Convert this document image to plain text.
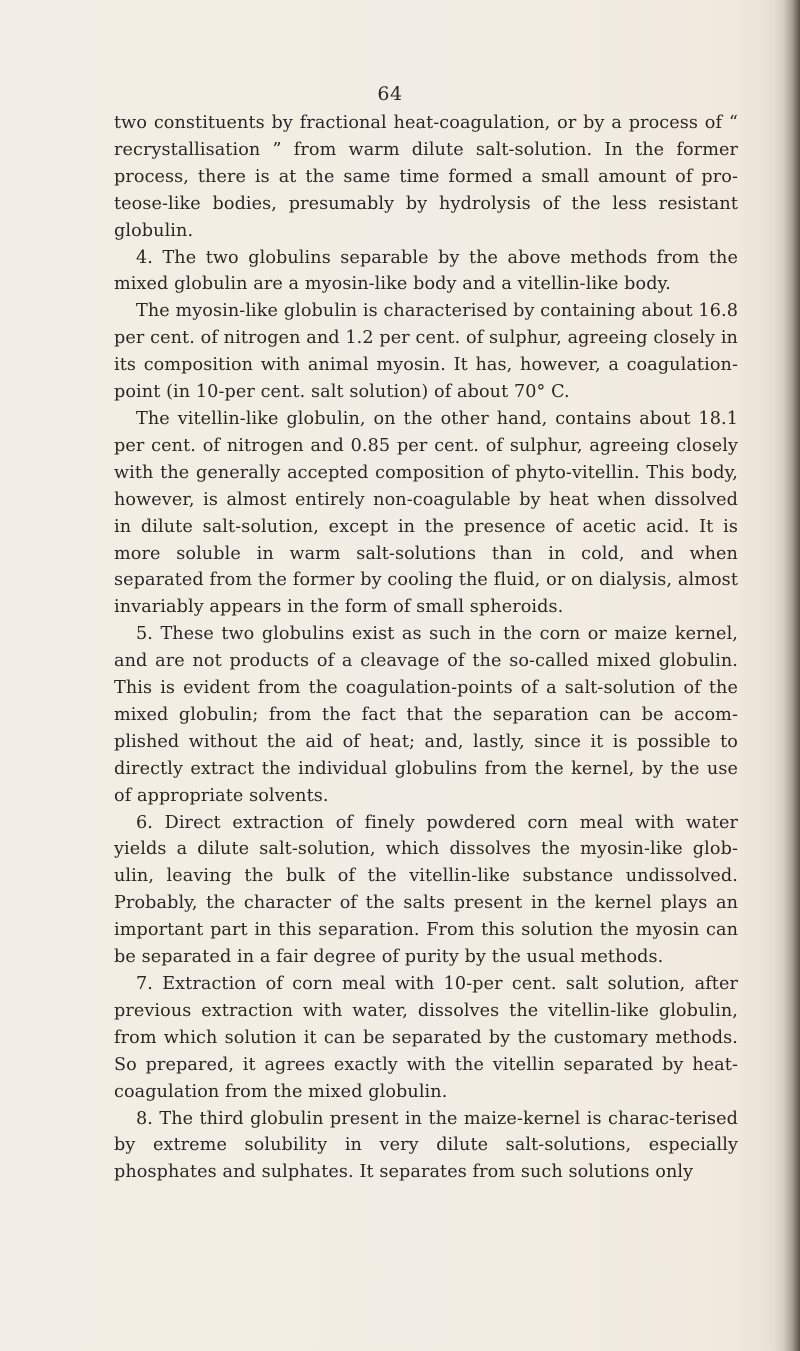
64

two constituents by fractional heat-coagulation, or by a process of “ recrystallisation ” from warm dilute salt-solution. In the former process, there is at the same time formed a small amount of pro-teose-like bodies, presumably by hydrolysis of the less resistant globulin.

4. The two globulins separable by the above methods from the mixed globulin are a myosin-like body and a vitellin-like body.

The myosin-like globulin is characterised by containing about 16.8 per cent. of nitrogen and 1.2 per cent. of sulphur, agreeing closely in its composition with animal myosin. It has, however, a coagulation-point (in 10-per cent. salt solution) of about 70° C.

The vitellin-like globulin, on the other hand, contains about 18.1 per cent. of nitrogen and 0.85 per cent. of sulphur, agreeing closely with the generally accepted composition of phyto-vitellin. This body, however, is almost entirely non-coagulable by heat when dissolved in dilute salt-solution, except in the presence of acetic acid. It is more soluble in warm salt-solutions than in cold, and when separated from the former by cooling the fluid, or on dialysis, almost invariably appears in the form of small spheroids.

5. These two globulins exist as such in the corn or maize kernel, and are not products of a cleavage of the so-called mixed globulin. This is evident from the coagulation-points of a salt-solution of the mixed globulin; from the fact that the separation can be accom-plished without the aid of heat; and, lastly, since it is possible to directly extract the individual globulins from the kernel, by the use of appropriate solvents.

6. Direct extraction of finely powdered corn meal with water yields a dilute salt-solution, which dissolves the myosin-like glob-ulin, leaving the bulk of the vitellin-like substance undissolved. Probably, the character of the salts present in the kernel plays an important part in this separation. From this solution the myosin can be separated in a fair degree of purity by the usual methods.

7. Extraction of corn meal with 10-per cent. salt solution, after previous extraction with water, dissolves the vitellin-like globulin, from which solution it can be separated by the customary methods. So prepared, it agrees exactly with the vitellin separated by heat-coagulation from the mixed globulin.

8. The third globulin present in the maize-kernel is charac-terised by extreme solubility in very dilute salt-solutions, especially phosphates and sulphates. It separates from such solutions only
